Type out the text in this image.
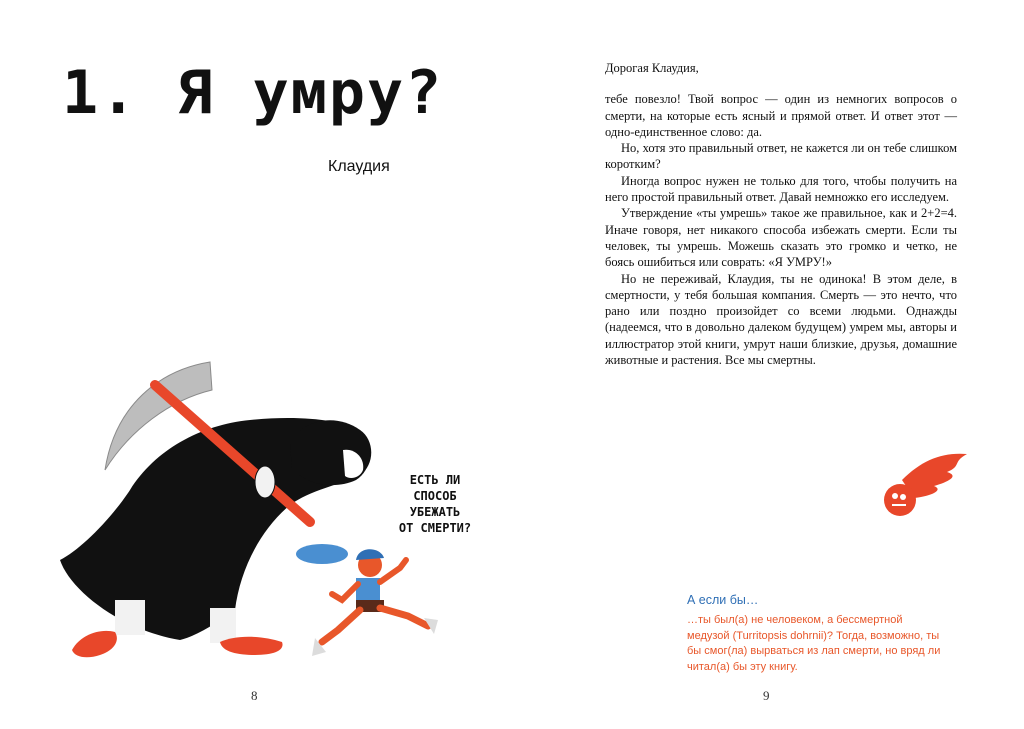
1. Я умру?
Клаудия
ЕСТЬ ЛИ
СПОСОБ
УБЕЖАТЬ
ОТ СМЕРТИ?
8

Дорогая Клаудия,

тебе повезло! Твой вопрос — один из немногих вопросов о смерти, на которые есть ясный и прямой ответ. И ответ этот — одно-единственное слово: да.

Но, хотя это правильный ответ, не кажется ли он тебе слишком коротким?

Иногда вопрос нужен не только для того, чтобы получить на него простой правильный ответ. Давай немножко его исследуем.

Утверждение «ты умрешь» такое же правильное, как и 2+2=4. Иначе говоря, нет никакого способа избежать смерти. Если ты человек, ты умрешь. Можешь сказать это громко и четко, не боясь ошибиться или соврать: «Я УМРУ!»

Но не переживай, Клаудия, ты не одинока! В этом деле, в смертности, у тебя большая компания. Смерть — это нечто, что рано или поздно произойдет со всеми людьми. Однажды (надеемся, что в довольно далеком будущем) умрем мы, авторы и иллюстратор этой книги, умрут наши близкие, друзья, домашние животные и растения. Все мы смертны.

А если бы…

…ты был(а) не человеком, а бессмертной медузой (Turritopsis dohrnii)? Тогда, возможно, ты бы смог(ла) вырваться из лап смерти, но вряд ли читал(а) бы эту книгу.

9
